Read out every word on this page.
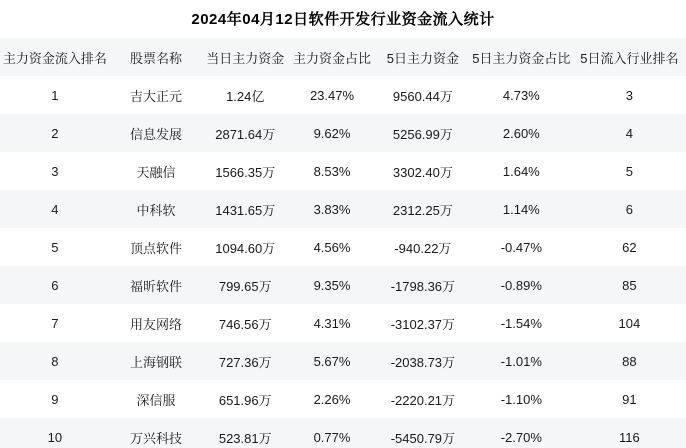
2024年04月12日软件开发行业资金流入统计
主力资金流入排名	股票名称	当日主力资金	主力资金占比	5日主力资金	5日主力资金占比	5日流入行业排名
1	吉大正元	1.24亿	23.47%	9560.44万	4.73%	3
2	信息发展	2871.64万	9.62%	5256.99万	2.60%	4
3	天融信	1566.35万	8.53%	3302.40万	1.64%	5
4	中科软	1431.65万	3.83%	2312.25万	1.14%	6
5	顶点软件	1094.60万	4.56%	-940.22万	-0.47%	62
6	福昕软件	799.65万	9.35%	-1798.36万	-0.89%	85
7	用友网络	746.56万	4.31%	-3102.37万	-1.54%	104
8	上海钢联	727.36万	5.67%	-2038.73万	-1.01%	88
9	深信服	651.96万	2.26%	-2220.21万	-1.10%	91
10	万兴科技	523.81万	0.77%	-5450.79万	-2.70%	116
